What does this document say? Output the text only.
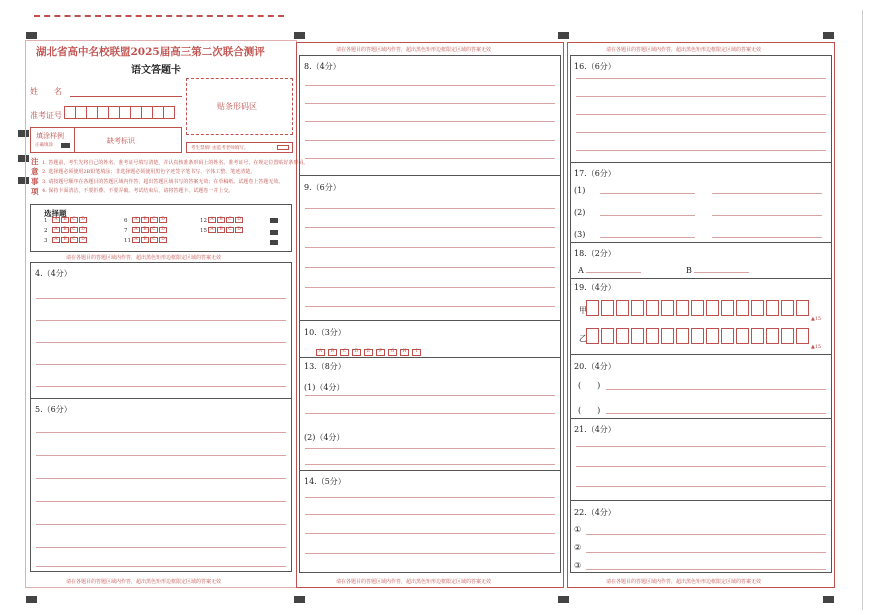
湖北省高中名校联盟2025届高三第二次联合测评
语文答题卡
姓　　名
准考证号
贴条形码区
填涂样例
正确填涂
缺考标识
考生禁填! 由监考老师填写。
注
意
事
项
1. 答题前，考生先将自己的姓名、准考证号填写清楚，并认真核准条形码上的姓名、准考证号，在规定位置贴好条形码。
2. 选择题必须使用2B铅笔填涂；非选择题必须使用黑色字迹签字笔书写，字体工整、笔迹清楚。
3. 请按题号顺序在各题目的答题区域内作答，超出答题区域书写的答案无效；在草稿纸、试题卷上答题无效。
4. 保持卡面清洁，不要折叠、不要弄破、考试结束后，请将答题卡、试题卷一并上交。
选择题
1A B C D
2A B C D
3A B C D
6A B C D
7A B C D
11A B C D
12A B C D
15A B C D
请在各题目的答题区域内作答，超出黑色矩形边框限定区域的答案无效
4.（4分）
5.（6分）
请在各题目的答题区域内作答，超出黑色矩形边框限定区域的答案无效
请在各题目的答题区域内作答，超出黑色矩形边框限定区域的答案无效
8.（4分）
9.（6分）
10.（3分）
A B C D E F G H I
13.（8分）
(1)（4分）
(2)（4分）
14.（5分）
请在各题目的答题区域内作答，超出黑色矩形边框限定区域的答案无效
请在各题目的答题区域内作答，超出黑色矩形边框限定区域的答案无效
16.（6分）
17.（6分）
(1)
(2)
(3)
18.（2分）
A	B
19.（4分）
甲
▲15
乙
▲15
20.（4分）
(　　)
(　　)
21.（4分）
22.（4分）
①
②
③
请在各题目的答题区域内作答，超出黑色矩形边框限定区域的答案无效
